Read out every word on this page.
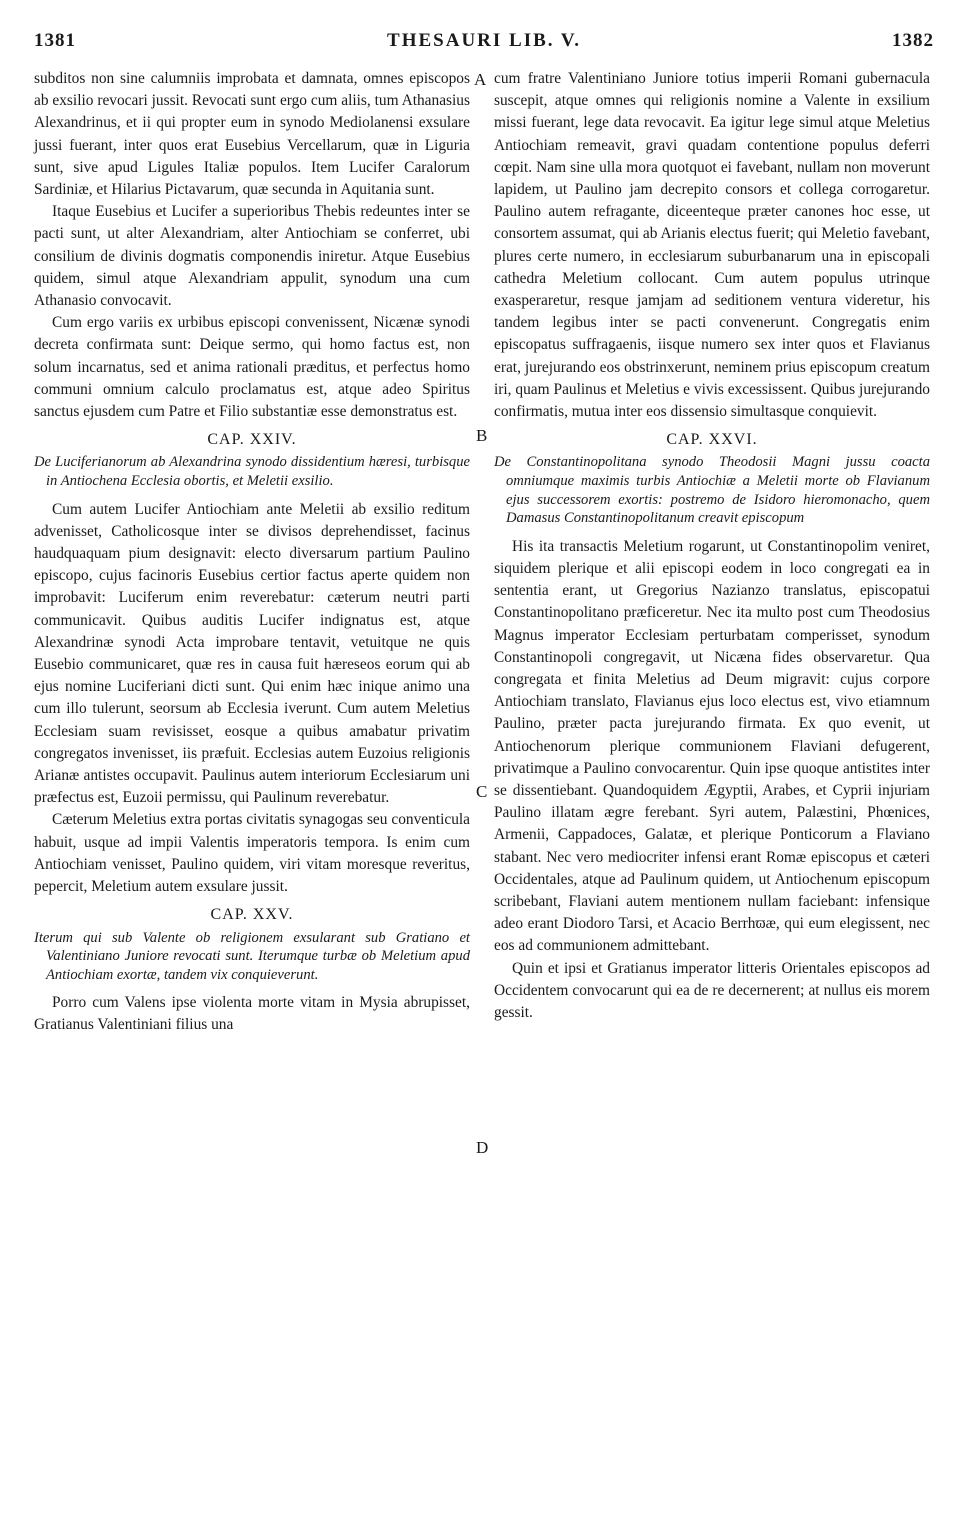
1381	THESAURI LIB. V.	1382
A
B
C
D

subditos non sine calumniis improbata et damnata, omnes episcopos ab exsilio revocari jussit. Revocati sunt ergo cum aliis, tum Athanasius Alexandrinus, et ii qui propter eum in synodo Mediolanensi exsulare jussi fuerant, inter quos erat Eusebius Vercellarum, quæ in Liguria sunt, sive apud Ligules Italiæ populos. Item Lucifer Caralorum Sardiniæ, et Hilarius Pictavarum, quæ secunda in Aquitania sunt.

Itaque Eusebius et Lucifer a superioribus Thebis redeuntes inter se pacti sunt, ut alter Alexandriam, alter Antiochiam se conferret, ubi consilium de divinis dogmatis componendis iniretur. Atque Eusebius quidem, simul atque Alexandriam appulit, synodum una cum Athanasio convocavit.

Cum ergo variis ex urbibus episcopi convenissent, Nicænæ synodi decreta confirmata sunt: Deique sermo, qui homo factus est, non solum incarnatus, sed et anima rationali præditus, et perfectus homo communi omnium calculo proclamatus est, atque adeo Spiritus sanctus ejusdem cum Patre et Filio substantiæ esse demonstratus est.

CAP. XXIV.
De Luciferianorum ab Alexandrina synodo dissidentium hæresi, turbisque in Antiochena Ecclesia obortis, et Meletii exsilio.

Cum autem Lucifer Antiochiam ante Meletii ab exsilio reditum advenisset, Catholicosque inter se divisos deprehendisset, facinus haudquaquam pium designavit: electo diversarum partium Paulino episcopo, cujus facinoris Eusebius certior factus aperte quidem non improbavit: Luciferum enim reverebatur: cæterum neutri parti communicavit. Quibus auditis Lucifer indignatus est, atque Alexandrinæ synodi Acta improbare tentavit, vetuitque ne quis Eusebio communicaret, quæ res in causa fuit hæreseos eorum qui ab ejus nomine Luciferiani dicti sunt. Qui enim hæc inique animo una cum illo tulerunt, seorsum ab Ecclesia iverunt. Cum autem Meletius Ecclesiam suam revisisset, eosque a quibus amabatur privatim congregatos invenisset, iis præfuit. Ecclesias autem Euzoius religionis Arianæ antistes occupavit. Paulinus autem interiorum Ecclesiarum uni præfectus est, Euzoii permissu, qui Paulinum reverebatur.

Cæterum Meletius extra portas civitatis synagogas seu conventicula habuit, usque ad impii Valentis imperatoris tempora. Is enim cum Antiochiam venisset, Paulino quidem, viri vitam moresque reveritus, pepercit, Meletium autem exsulare jussit.

CAP. XXV.
Iterum qui sub Valente ob religionem exsularant sub Gratiano et Valentiniano Juniore revocati sunt. Iterumque turbæ ob Meletium apud Antiochiam exortæ, tandem vix conquieverunt.

Porro cum Valens ipse violenta morte vitam in Mysia abrupisset, Gratianus Valentiniani filius una

cum fratre Valentiniano Juniore totius imperii Romani gubernacula suscepit, atque omnes qui religionis nomine a Valente in exsilium missi fuerant, lege data revocavit. Ea igitur lege simul atque Meletius Antiochiam remeavit, gravi quadam contentione populus deferri cœpit. Nam sine ulla mora quotquot ei favebant, nullam non moverunt lapidem, ut Paulino jam decrepito consors et collega corrogaretur. Paulino autem refragante, diceenteque præter canones hoc esse, ut consortem assumat, qui ab Arianis electus fuerit; qui Meletio favebant, plures certe numero, in ecclesiarum suburbanarum una in episcopali cathedra Meletium collocant. Cum autem populus utrinque exasperaretur, resque jamjam ad seditionem ventura videretur, his tandem legibus inter se pacti convenerunt. Congregatis enim episcopatus suffragaenis, iisque numero sex inter quos et Flavianus erat, jurejurando eos obstrinxerunt, neminem prius episcopum creatum iri, quam Paulinus et Meletius e vivis excessissent. Quibus jurejurando confirmatis, mutua inter eos dissensio simultasque conquievit.

CAP. XXVI.
De Constantinopolitana synodo Theodosii Magni jussu coacta omniumque maximis turbis Antiochiæ a Meletii morte ob Flavianum ejus successorem exortis: postremo de Isidoro hieromonacho, quem Damasus Constantinopolitanum creavit episcopum

His ita transactis Meletium rogarunt, ut Constantinopolim veniret, siquidem plerique et alii episcopi eodem in loco congregati ea in sententia erant, ut Gregorius Nazianzo translatus, episcopatui Constantinopolitano præficeretur. Nec ita multo post cum Theodosius Magnus imperator Ecclesiam perturbatam comperisset, synodum Constantinopoli congregavit, ut Nicæna fides observaretur. Qua congregata et finita Meletius ad Deum migravit: cujus corpore Antiochiam translato, Flavianus ejus loco electus est, vivo etiamnum Paulino, præter pacta jurejurando firmata. Ex quo evenit, ut Antiochenorum plerique communionem Flaviani defugerent, privatimque a Paulino convocarentur. Quin ipse quoque antistites inter se dissentiebant. Quandoquidem Ægyptii, Arabes, et Cyprii injuriam Paulino illatam ægre ferebant. Syri autem, Palæstini, Phœnices, Armenii, Cappadoces, Galatæ, et plerique Ponticorum a Flaviano stabant. Nec vero mediocriter infensi erant Romæ episcopus et cæteri Occidentales, atque ad Paulinum quidem, ut Antiochenum episcopum scribebant, Flaviani autem mentionem nullam faciebant: infensique adeo erant Diodoro Tarsi, et Acacio Berrhϖæ, qui eum elegissent, nec eos ad communionem admittebant.

Quin et ipsi et Gratianus imperator litteris Orientales episcopos ad Occidentem convocarunt qui ea de re decernerent; at nullus eis morem gessit.
